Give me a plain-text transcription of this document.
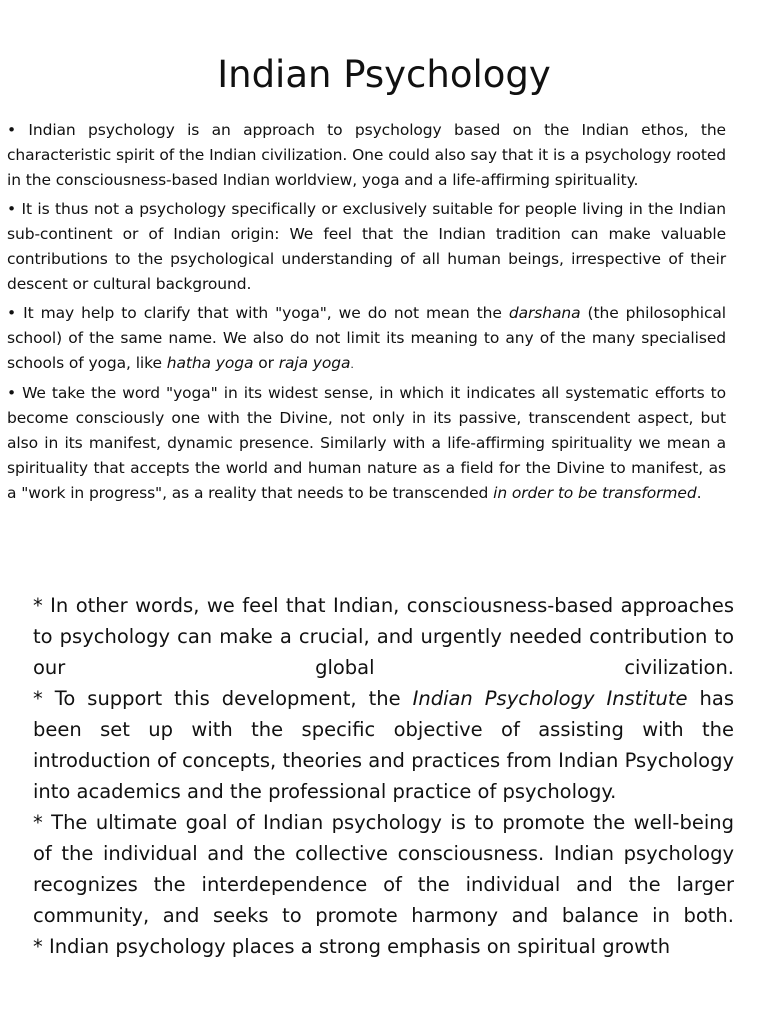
Indian Psychology

• Indian psychology is an approach to psychology based on the Indian ethos, the characteristic spirit of the Indian civilization. One could also say that it is a psychology rooted in the consciousness-based Indian worldview, yoga and a life-affirming spirituality.

• It is thus not a psychology specifically or exclusively suitable for people living in the Indian sub-continent or of Indian origin: We feel that the Indian tradition can make valuable contributions to the psychological understanding of all human beings, irrespective of their descent or cultural background.

• It may help to clarify that with "yoga", we do not mean the darshana (the philosophical school) of the same name. We also do not limit its meaning to any of the many specialised schools of yoga, like hatha yoga or raja yoga.

• We take the word "yoga" in its widest sense, in which it indicates all systematic efforts to become consciously one with the Divine, not only in its passive, transcendent aspect, but also in its manifest, dynamic presence. Similarly with a life-affirming spirituality we mean a spirituality that accepts the world and human nature as a field for the Divine to manifest, as a "work in progress", as a reality that needs to be transcended in order to be transformed.

* In other words, we feel that Indian, consciousness-based approaches to psychology can make a crucial, and urgently needed contribution to our global civilization.

* To support this development, the Indian Psychology Institute has been set up with the specific objective of assisting with the introduction of concepts, theories and practices from Indian Psychology into academics and the professional practice of psychology.

* The ultimate goal of Indian psychology is to promote the well-being of the individual and the collective consciousness. Indian psychology recognizes the interdependence of the individual and the larger community, and seeks to promote harmony and balance in both.

* Indian psychology places a strong emphasis on spiritual growth
